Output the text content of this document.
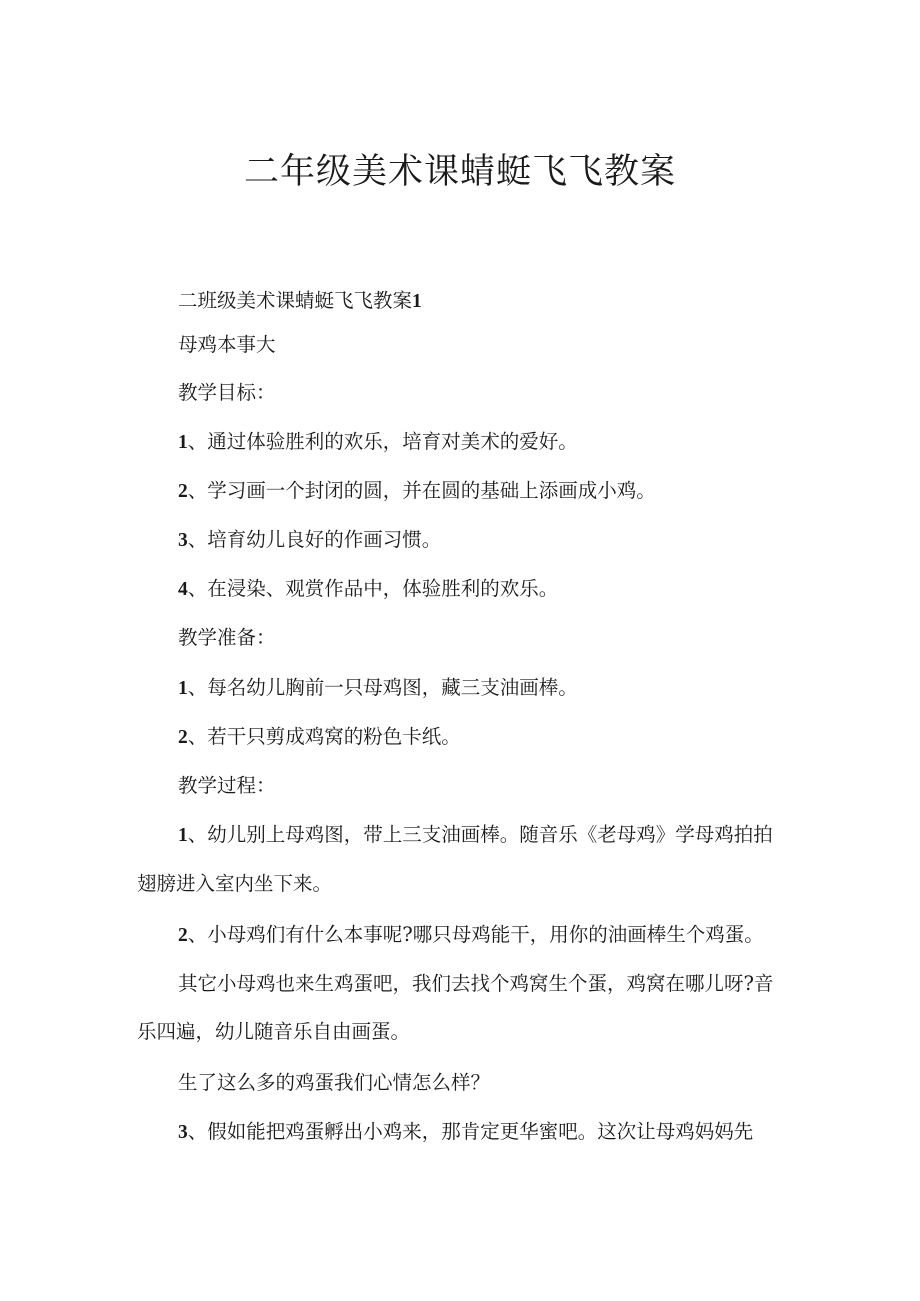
二年级美术课蜻蜓飞飞教案

二班级美术课蜻蜓飞飞教案1

母鸡本事大

教学目标：

1、通过体验胜利的欢乐，培育对美术的爱好。

2、学习画一个封闭的圆，并在圆的基础上添画成小鸡。

3、培育幼儿良好的作画习惯。

4、在浸染、观赏作品中，体验胜利的欢乐。

教学准备：

1、每名幼儿胸前一只母鸡图，藏三支油画棒。

2、若干只剪成鸡窝的粉色卡纸。

教学过程：

1、幼儿别上母鸡图，带上三支油画棒。随音乐《老母鸡》学母鸡拍拍翅膀进入室内坐下来。

2、小母鸡们有什么本事呢?哪只母鸡能干，用你的油画棒生个鸡蛋。

其它小母鸡也来生鸡蛋吧，我们去找个鸡窝生个蛋，鸡窝在哪儿呀?音乐四遍，幼儿随音乐自由画蛋。

生了这么多的鸡蛋我们心情怎么样？

3、假如能把鸡蛋孵出小鸡来，那肯定更华蜜吧。这次让母鸡妈妈先
